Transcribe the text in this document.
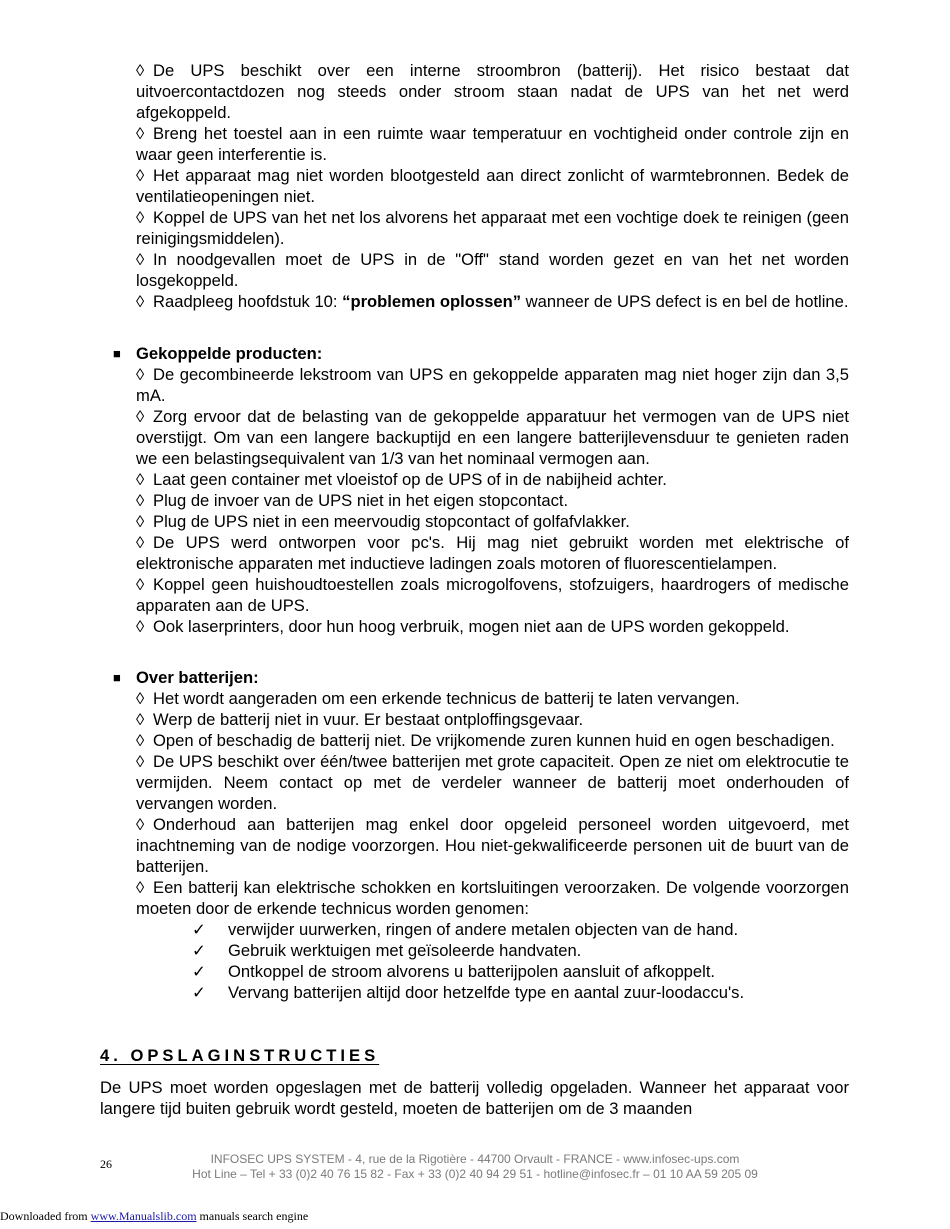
◊ De UPS beschikt over een interne stroombron (batterij). Het risico bestaat dat uitvoercontactdozen nog steeds onder stroom staan nadat de UPS van het net werd afgekoppeld.

◊ Breng het toestel aan in een ruimte waar temperatuur en vochtigheid onder controle zijn en waar geen interferentie is.

◊ Het apparaat mag niet worden blootgesteld aan direct zonlicht of warmtebronnen. Bedek de ventilatieopeningen niet.

◊ Koppel de UPS van het net los alvorens het apparaat met een vochtige doek te reinigen (geen reinigingsmiddelen).

◊ In noodgevallen moet de UPS in de "Off" stand worden gezet en van het net worden losgekoppeld.

◊ Raadpleeg hoofdstuk 10: “problemen oplossen” wanneer de UPS defect is en bel de hotline.

■ Gekoppelde producten:

◊ De gecombineerde lekstroom van UPS en gekoppelde apparaten mag niet hoger zijn dan 3,5 mA.

◊ Zorg ervoor dat de belasting van de gekoppelde apparatuur het vermogen van de UPS niet overstijgt. Om van een langere backuptijd en een langere batterijlevensduur te genieten raden we een belastingsequivalent van 1/3 van het nominaal vermogen aan.

◊ Laat geen container met vloeistof op de UPS of in de nabijheid achter.

◊ Plug de invoer van de UPS niet in het eigen stopcontact.

◊ Plug de UPS niet in een meervoudig stopcontact of golfafvlakker.

◊ De UPS werd ontworpen voor pc's. Hij mag niet gebruikt worden met elektrische of elektronische apparaten met inductieve ladingen zoals motoren of fluorescentielampen.

◊ Koppel geen huishoudtoestellen zoals microgolfovens, stofzuigers, haardrogers of medische apparaten aan de UPS.

◊ Ook laserprinters, door hun hoog verbruik, mogen niet aan de UPS worden gekoppeld.

■ Over batterijen:

◊ Het wordt aangeraden om een erkende technicus de batterij te laten vervangen.

◊ Werp de batterij niet in vuur. Er bestaat ontploffingsgevaar.

◊ Open of beschadig de batterij niet. De vrijkomende zuren kunnen huid en ogen beschadigen.

◊ De UPS beschikt over één/twee batterijen met grote capaciteit. Open ze niet om elektrocutie te vermijden. Neem contact op met de verdeler wanneer de batterij moet onderhouden of vervangen worden.

◊ Onderhoud aan batterijen mag enkel door opgeleid personeel worden uitgevoerd, met inachtneming van de nodige voorzorgen. Hou niet-gekwalificeerde personen uit de buurt van de batterijen.

◊ Een batterij kan elektrische schokken en kortsluitingen veroorzaken. De volgende voorzorgen moeten door de erkende technicus worden genomen:

✓ verwijder uurwerken, ringen of andere metalen objecten van de hand.
✓ Gebruik werktuigen met geïsoleerde handvaten.
✓ Ontkoppel de stroom alvorens u batterijpolen aansluit of afkoppelt.
✓ Vervang batterijen altijd door hetzelfde type en aantal zuur-loodaccu's.

4. OPSLAGINSTRUCTIES

De UPS moet worden opgeslagen met de batterij volledig opgeladen. Wanneer het apparaat voor langere tijd buiten gebruik wordt gesteld, moeten de batterijen om de 3 maanden

26	INFOSEC UPS SYSTEM - 4, rue de la Rigotière - 44700 Orvault - FRANCE - www.infosec-ups.com
Hot Line – Tel + 33 (0)2 40 76 15 82 - Fax + 33 (0)2 40 94 29 51 - hotline@infosec.fr – 01 10 AA 59 205 09
Downloaded from www.Manualslib.com manuals search engine
